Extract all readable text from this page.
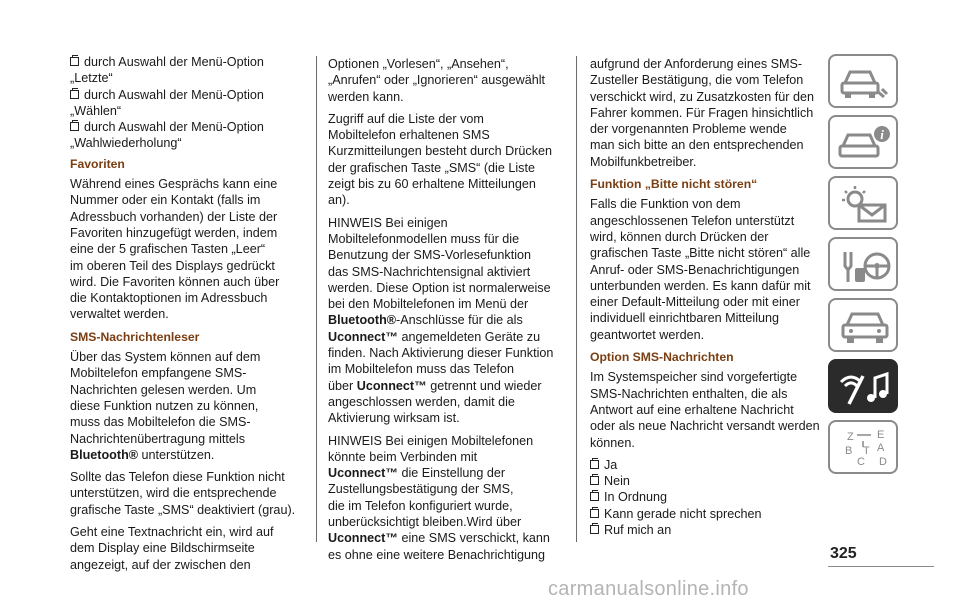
durch Auswahl der Menü-Option
„Letzte“
durch Auswahl der Menü-Option
„Wählen“
durch Auswahl der Menü-Option
„Wahlwiederholung“
Favoriten
Während eines Gesprächs kann eine
Nummer oder ein Kontakt (falls im
Adressbuch vorhanden) der Liste der
Favoriten hinzugefügt werden, indem
eine der 5 grafischen Tasten „Leer“
im oberen Teil des Displays gedrückt
wird. Die Favoriten können auch über
die Kontaktoptionen im Adressbuch
verwaltet werden.
SMS-Nachrichtenleser
Über das System können auf dem
Mobiltelefon empfangene SMS-
Nachrichten gelesen werden. Um
diese Funktion nutzen zu können,
muss das Mobiltelefon die SMS-
Nachrichtenübertragung mittels
Bluetooth® unterstützen.
Sollte das Telefon diese Funktion nicht
unterstützen, wird die entsprechende
grafische Taste „SMS“ deaktiviert (grau).
Geht eine Textnachricht ein, wird auf
dem Display eine Bildschirmseite
angezeigt, auf der zwischen den
Optionen „Vorlesen“, „Ansehen“,
„Anrufen“ oder „Ignorieren“ ausgewählt
werden kann.
Zugriff auf die Liste der vom
Mobiltelefon erhaltenen SMS
Kurzmitteilungen besteht durch Drücken
der grafischen Taste „SMS“ (die Liste
zeigt bis zu 60 erhaltene Mitteilungen
an).
HINWEIS Bei einigen
Mobiltelefonmodellen muss für die
Benutzung der SMS-Vorlesefunktion
das SMS-Nachrichtensignal aktiviert
werden. Diese Option ist normalerweise
bei den Mobiltelefonen im Menü der
Bluetooth®-Anschlüsse für die als
Uconnect™ angemeldeten Geräte zu
finden. Nach Aktivierung dieser Funktion
im Mobiltelefon muss das Telefon
über Uconnect™ getrennt und wieder
angeschlossen werden, damit die
Aktivierung wirksam ist.
HINWEIS Bei einigen Mobiltelefonen
könnte beim Verbinden mit
Uconnect™ die Einstellung der
Zustellungsbestätigung der SMS,
die im Telefon konfiguriert wurde,
unberücksichtigt bleiben.Wird über
Uconnect™ eine SMS verschickt, kann
es ohne eine weitere Benachrichtigung
aufgrund der Anforderung eines SMS-
Zusteller Bestätigung, die vom Telefon
verschickt wird, zu Zusatzkosten für den
Fahrer kommen. Für Fragen hinsichtlich
der vorgenannten Probleme wende
man sich bitte an den entsprechenden
Mobilfunkbetreiber.
Funktion „Bitte nicht stören“
Falls die Funktion von dem
angeschlossenen Telefon unterstützt
wird, können durch Drücken der
grafischen Taste „Bitte nicht stören“ alle
Anruf- oder SMS-Benachrichtigungen
unterbunden werden. Es kann dafür mit
einer Default-Mitteilung oder mit einer
individuell einrichtbaren Mitteilung
geantwortet werden.
Option SMS-Nachrichten
Im Systemspeicher sind vorgefertigte
SMS-Nachrichten enthalten, die als
Antwort auf eine erhaltene Nachricht
oder als neue Nachricht versandt werden
können.
Ja
Nein
In Ordnung
Kann gerade nicht sprechen
Ruf mich an
i
Z E
A
B
C D
T
325
carmanualsonline.info
